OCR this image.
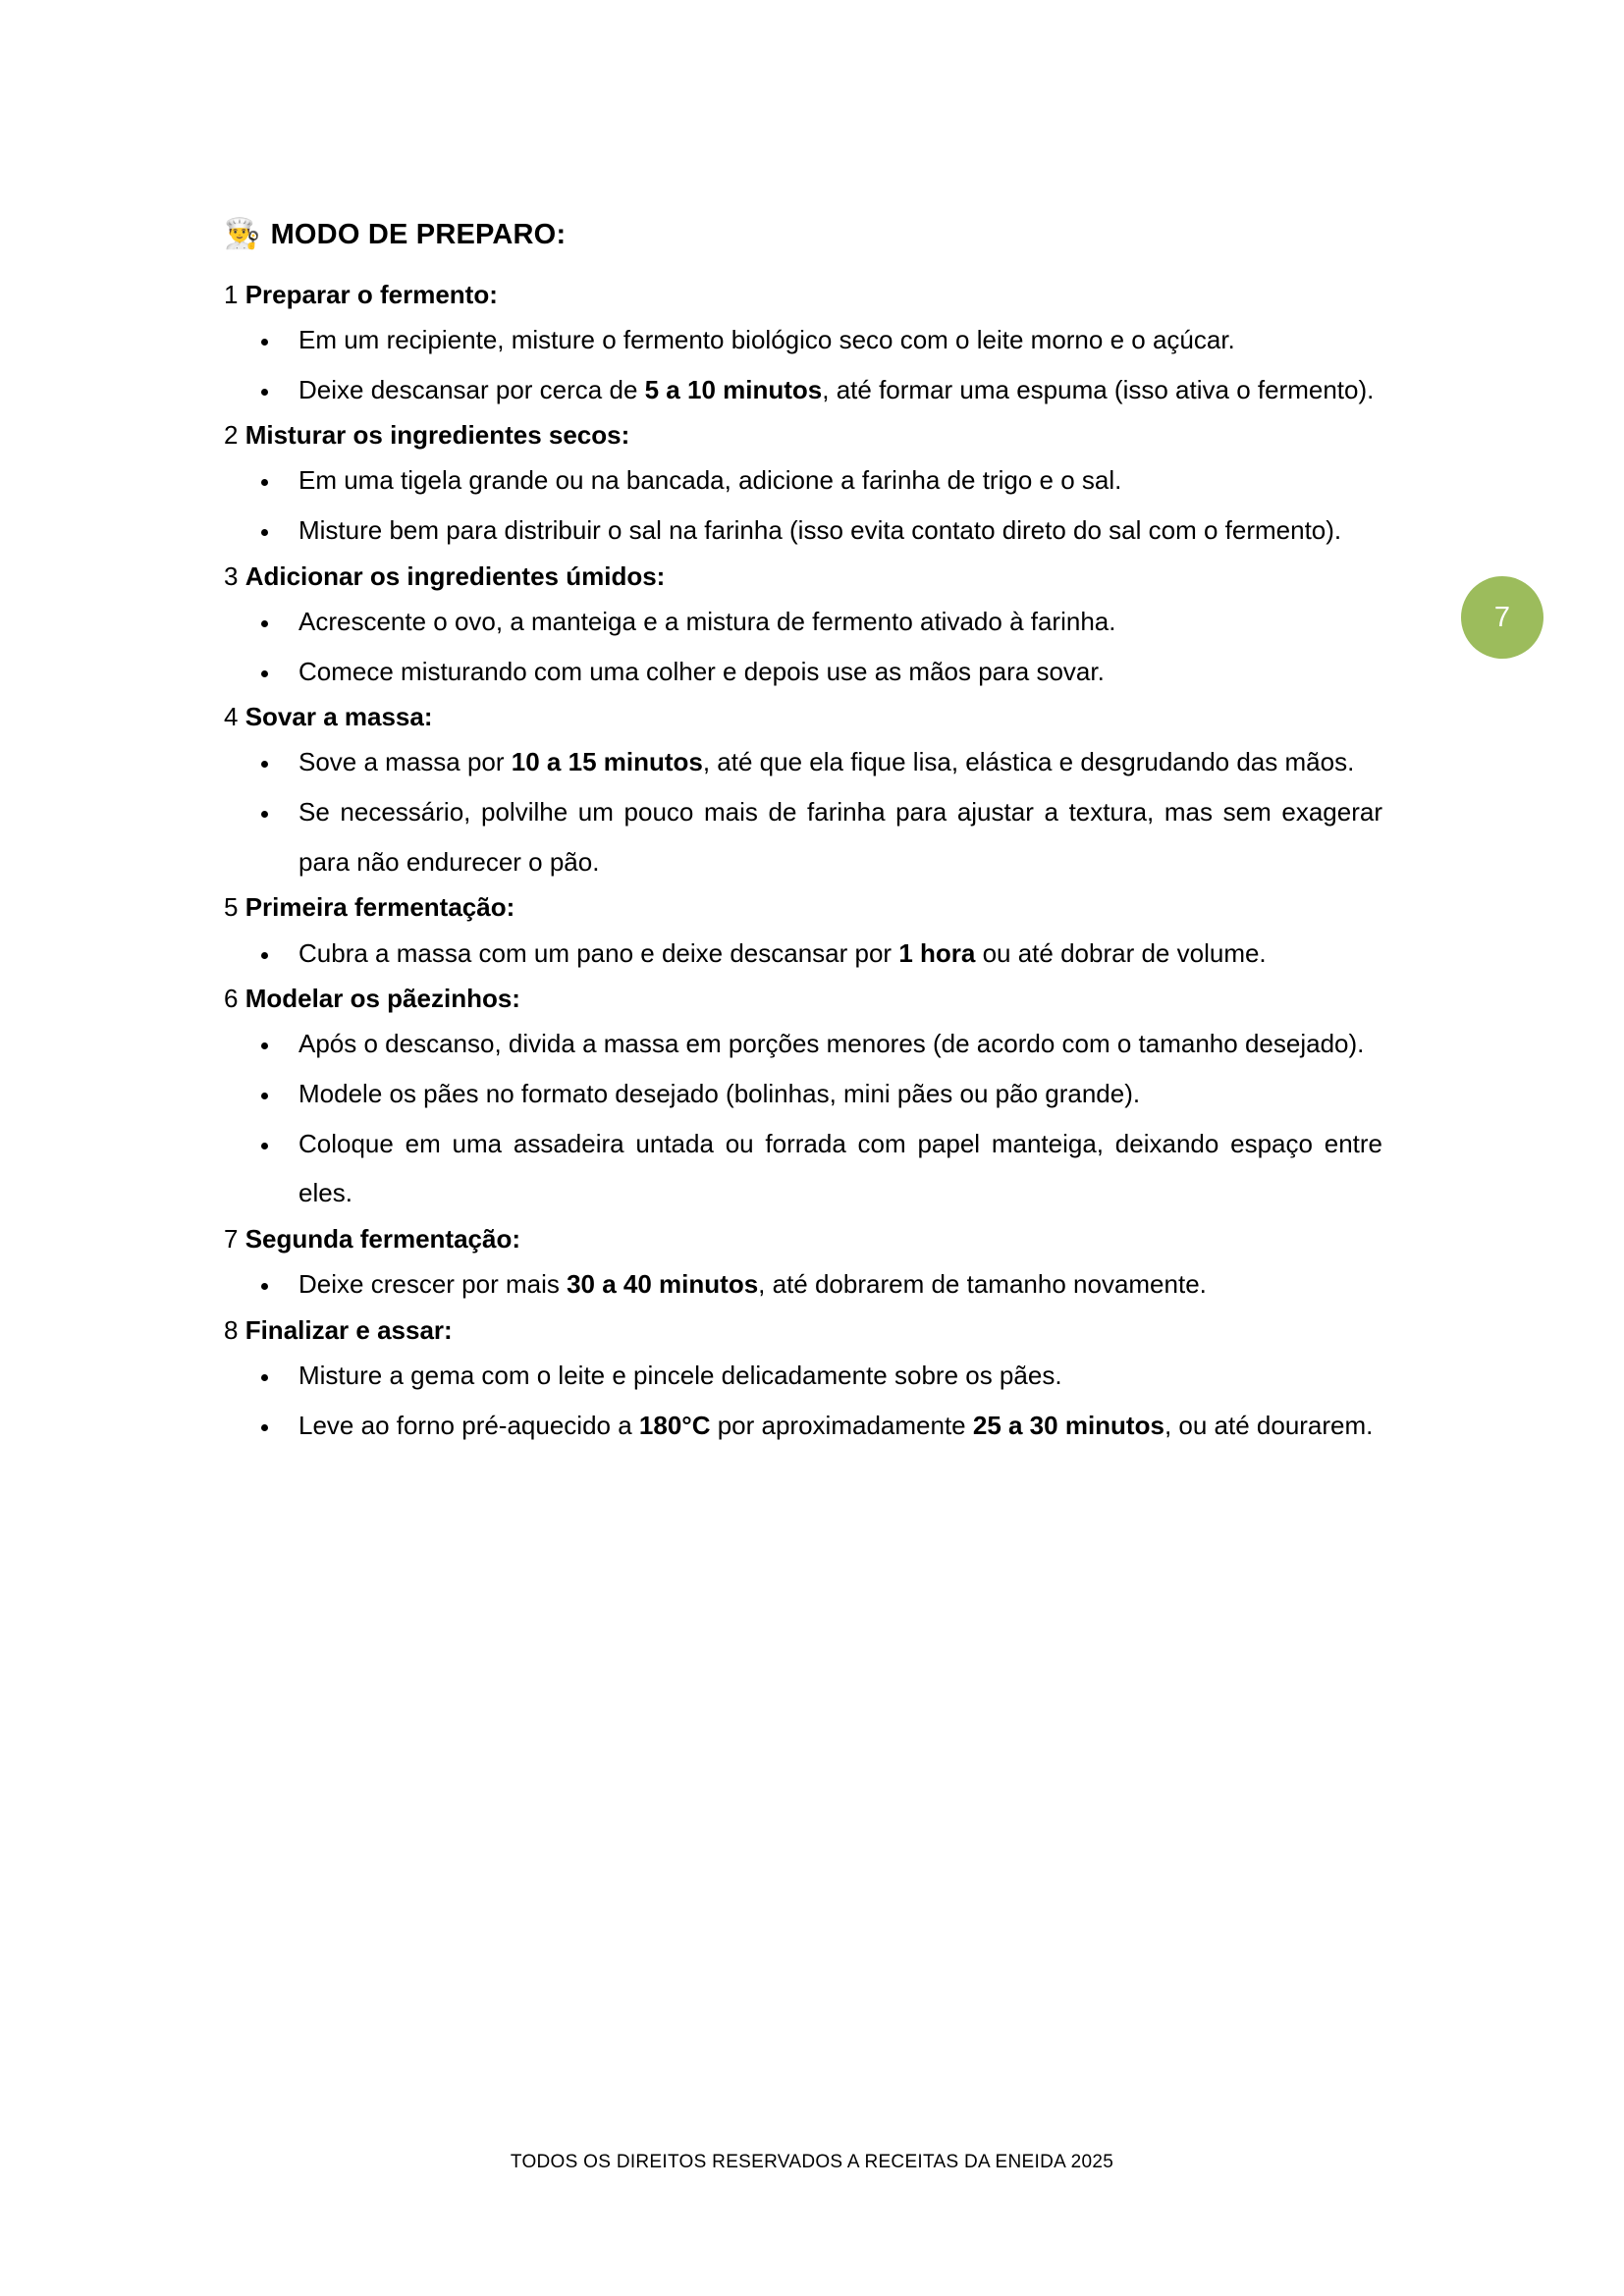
👨‍🍳 MODO DE PREPARO:
1 Preparar o fermento:
Em um recipiente, misture o fermento biológico seco com o leite morno e o açúcar.
Deixe descansar por cerca de 5 a 10 minutos, até formar uma espuma (isso ativa o fermento).
2 Misturar os ingredientes secos:
Em uma tigela grande ou na bancada, adicione a farinha de trigo e o sal.
Misture bem para distribuir o sal na farinha (isso evita contato direto do sal com o fermento).
3 Adicionar os ingredientes úmidos:
Acrescente o ovo, a manteiga e a mistura de fermento ativado à farinha.
Comece misturando com uma colher e depois use as mãos para sovar.
4 Sovar a massa:
Sove a massa por 10 a 15 minutos, até que ela fique lisa, elástica e desgrudando das mãos.
Se necessário, polvilhe um pouco mais de farinha para ajustar a textura, mas sem exagerar para não endurecer o pão.
5 Primeira fermentação:
Cubra a massa com um pano e deixe descansar por 1 hora ou até dobrar de volume.
6 Modelar os pãezinhos:
Após o descanso, divida a massa em porções menores (de acordo com o tamanho desejado).
Modele os pães no formato desejado (bolinhas, mini pães ou pão grande).
Coloque em uma assadeira untada ou forrada com papel manteiga, deixando espaço entre eles.
7 Segunda fermentação:
Deixe crescer por mais 30 a 40 minutos, até dobrarem de tamanho novamente.
8 Finalizar e assar:
Misture a gema com o leite e pincele delicadamente sobre os pães.
Leve ao forno pré-aquecido a 180°C por aproximadamente 25 a 30 minutos, ou até dourarem.
7
TODOS OS DIREITOS RESERVADOS A RECEITAS DA ENEIDA 2025
